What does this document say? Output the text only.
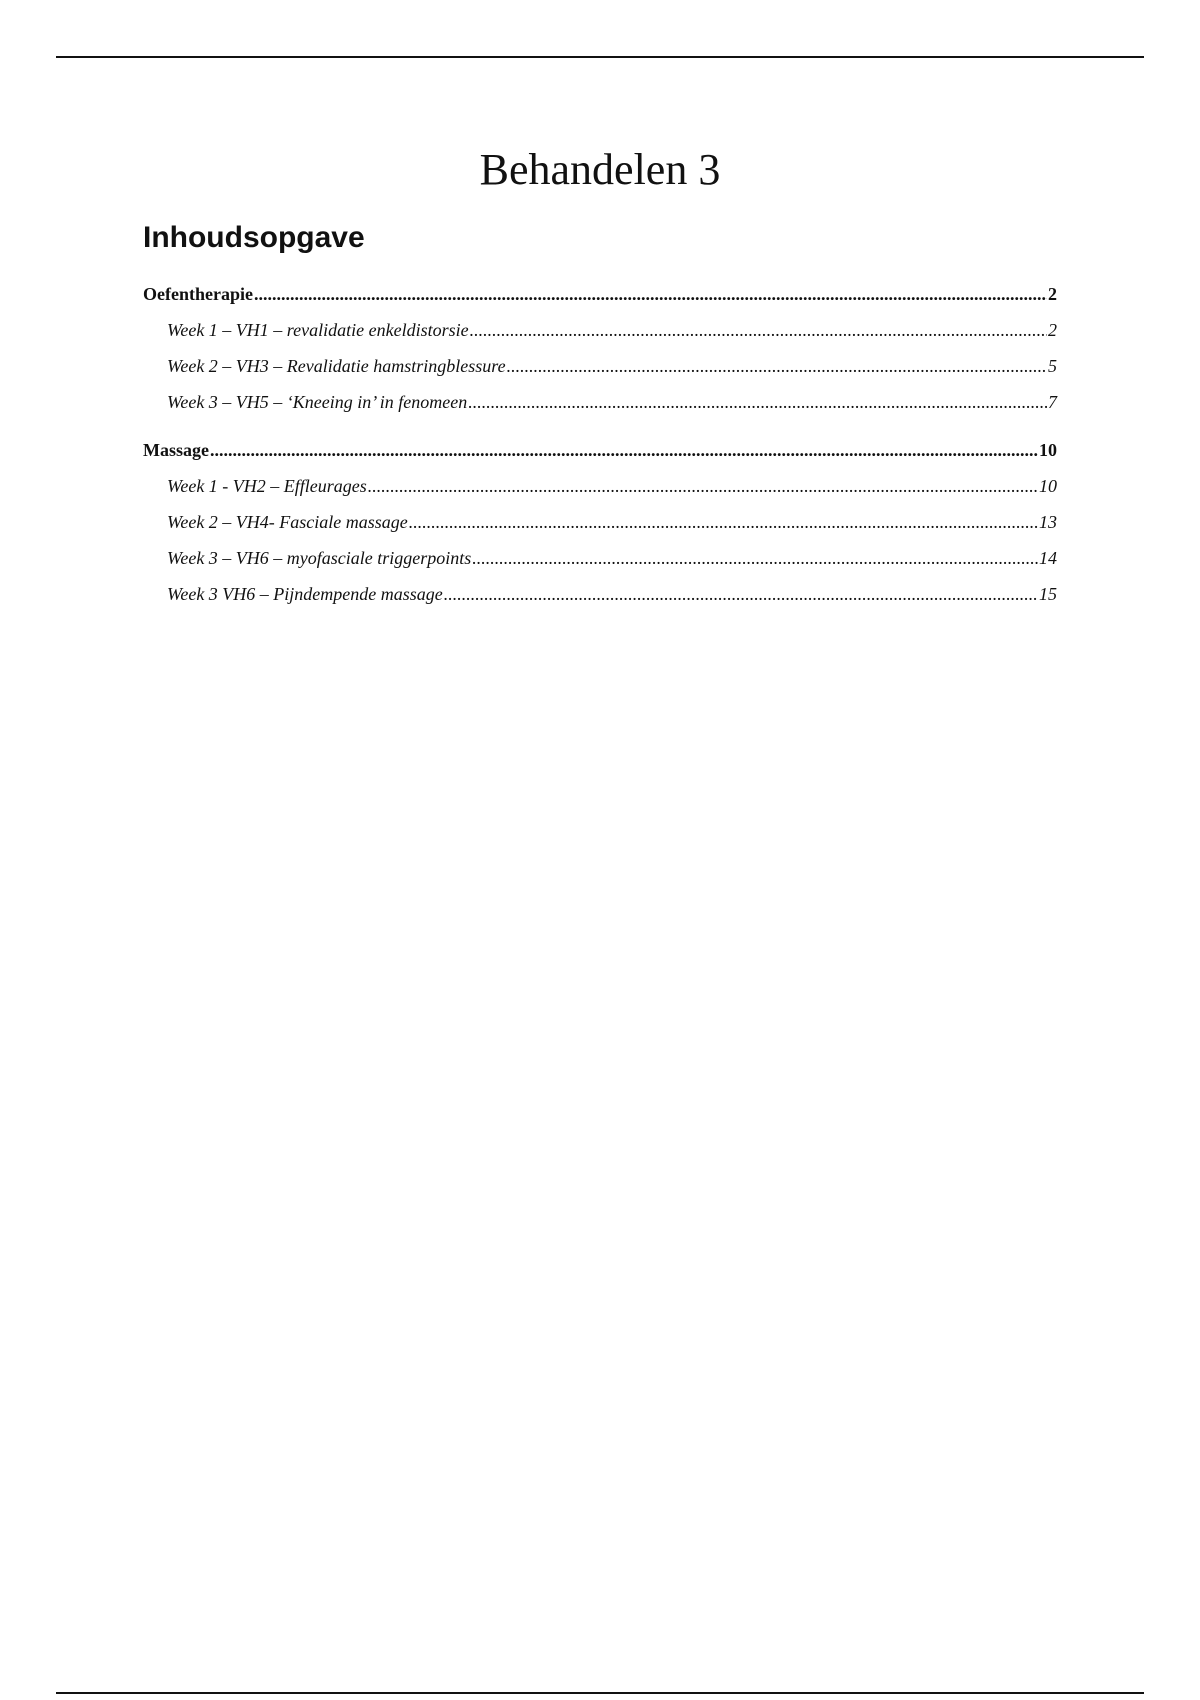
Behandelen 3
Inhoudsopgave
Oefentherapie .....	2
Week 1 – VH1 – revalidatie enkeldistorsie .....	2
Week 2 – VH3 – Revalidatie hamstringblessure .....	5
Week 3 – VH5 – ‘Kneeing in’ in fenomeen .....	7
Massage .....	10
Week 1 - VH2 – Effleurages .....	10
Week 2 – VH4- Fasciale massage .....	13
Week 3 – VH6 – myofasciale triggerpoints .....	14
Week 3 VH6 – Pijndempende massage .....	15
